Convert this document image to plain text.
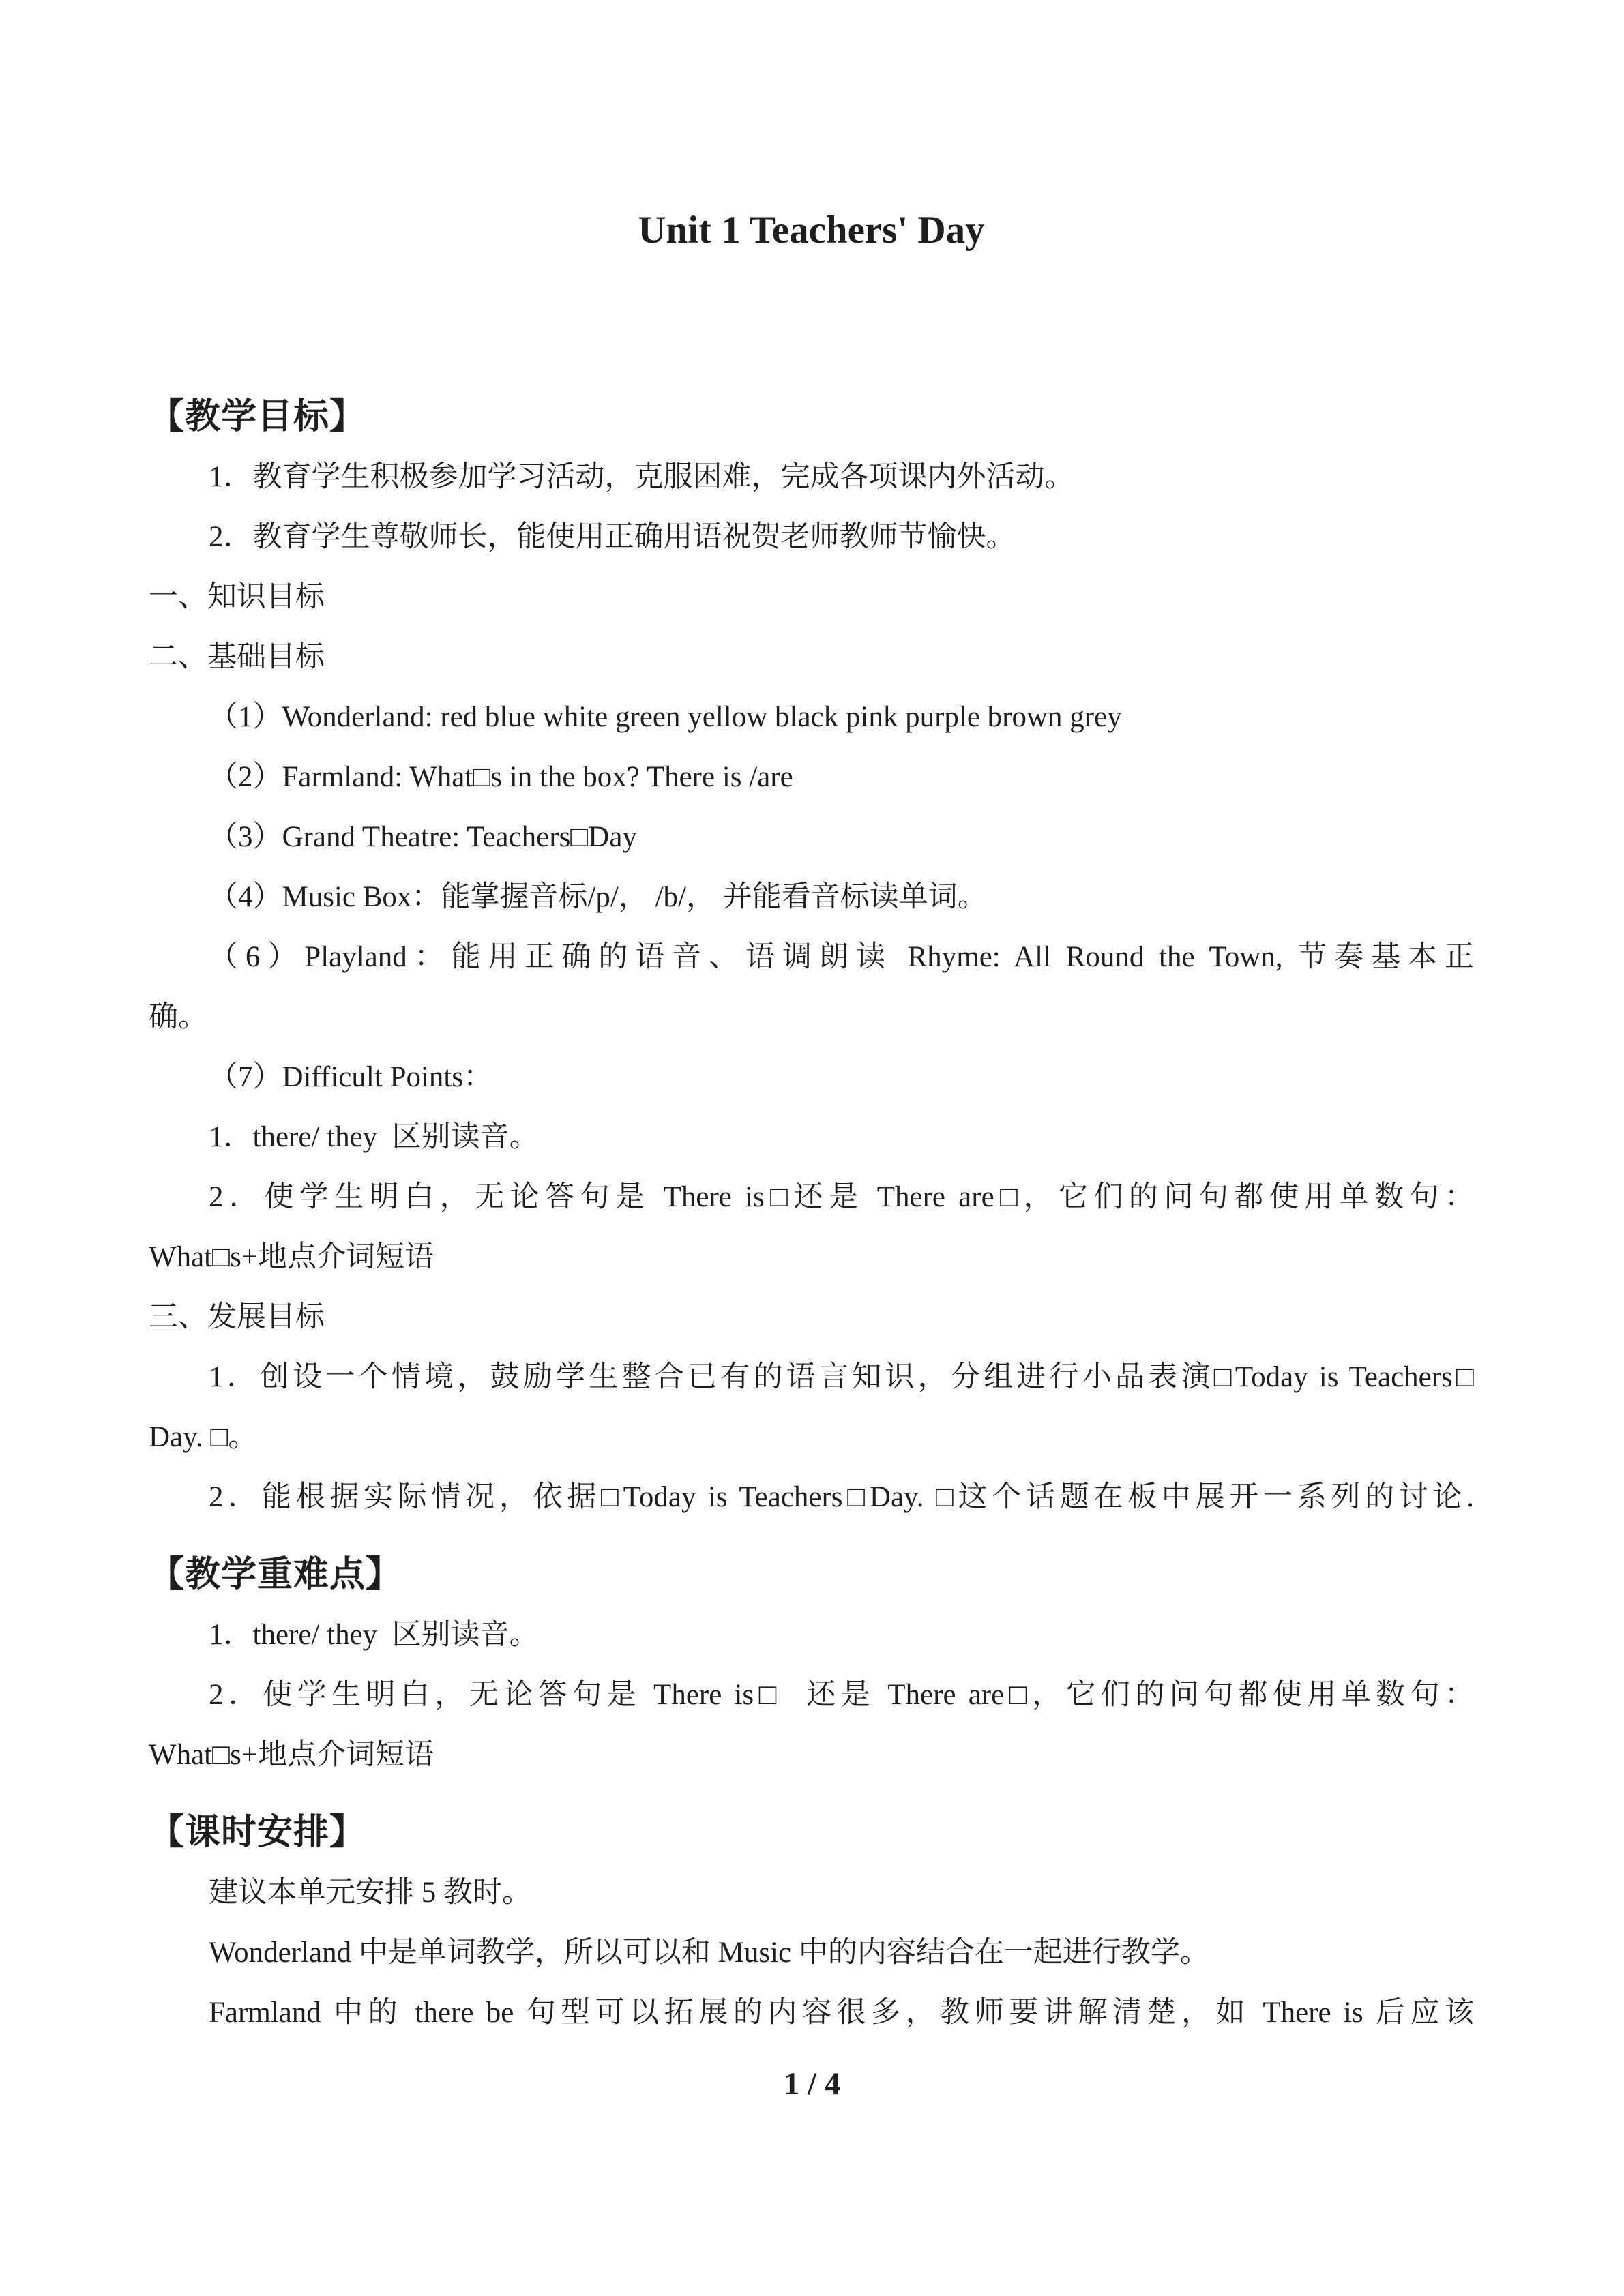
Unit 1 Teachers' Day
【教学目标】

1．教育学生积极参加学习活动，克服困难，完成各项课内外活动。

2．教育学生尊敬师长，能使用正确用语祝贺老师教师节愉快。

一、知识目标

二、基础目标

（1）Wonderland: red blue white green yellow black pink purple brown grey

（2）Farmland: What□s in the box? There is /are

（3）Grand Theatre: Teachers□Day

（4）Music Box：能掌握音标/p/， /b/， 并能看音标读单词。

（6）Playland：能用正确的语音、语调朗读 Rhyme: All Round the Town, 节奏基本正

确。

（7）Difficult Points：

1．there/ they  区别读音。

2．使学生明白，无论答句是 There is□还是 There are□，它们的问句都使用单数句：

What□s+地点介词短语

三、发展目标

1．创设一个情境，鼓励学生整合已有的语言知识，分组进行小品表演□Today is Teachers□

Day. □。

2．能根据实际情况，依据□Today is Teachers□Day. □这个话题在板中展开一系列的讨论.

【教学重难点】

1．there/ they  区别读音。

2．使学生明白，无论答句是 There is□  还是 There are□，它们的问句都使用单数句：

What□s+地点介词短语

【课时安排】

建议本单元安排 5 教时。

Wonderland 中是单词教学，所以可以和 Music 中的内容结合在一起进行教学。

Farmland 中的 there be 句型可以拓展的内容很多，教师要讲解清楚，如 There is 后应该

1 / 4
